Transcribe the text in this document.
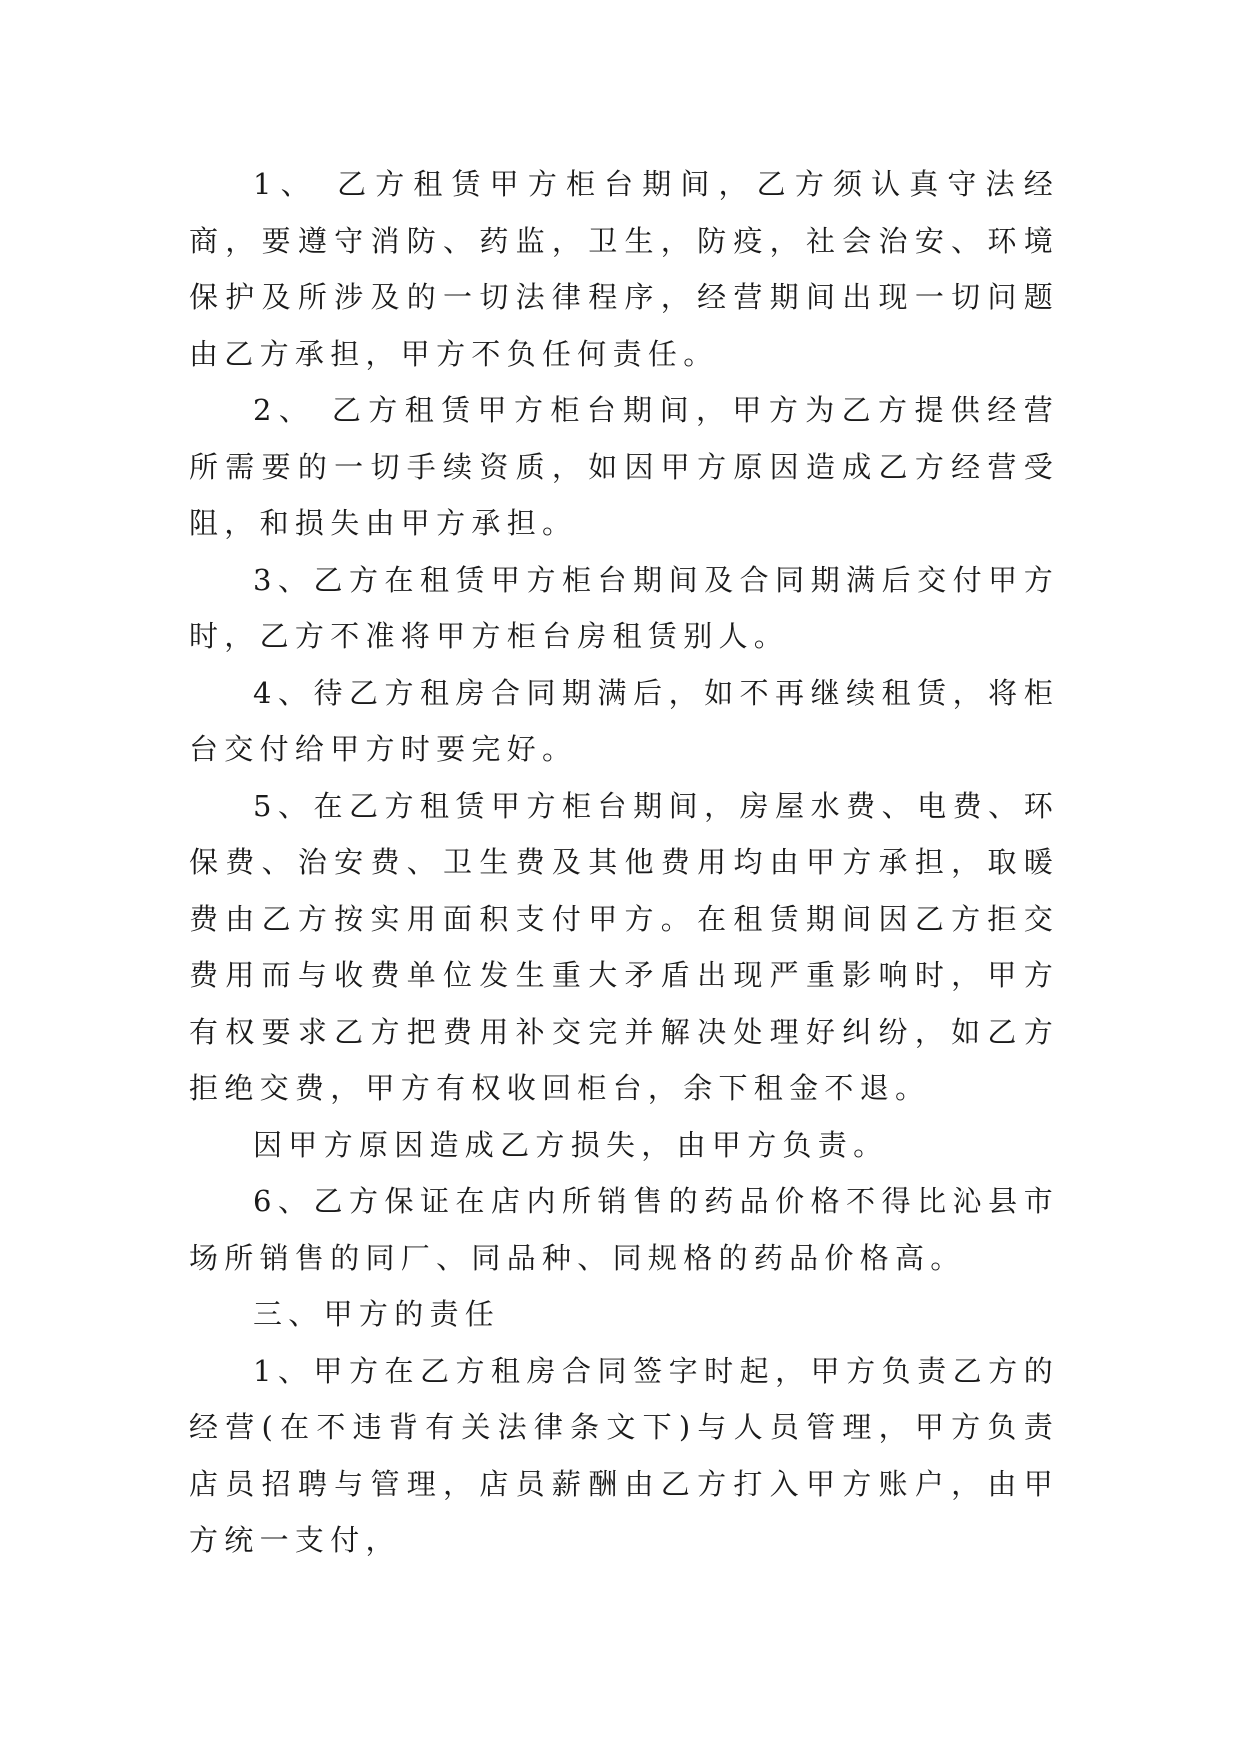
1、 乙方租赁甲方柜台期间，乙方须认真守法经商，要遵守消防、药监，卫生，防疫，社会治安、环境保护及所涉及的一切法律程序，经营期间出现一切问题由乙方承担，甲方不负任何责任。

2、 乙方租赁甲方柜台期间，甲方为乙方提供经营所需要的一切手续资质，如因甲方原因造成乙方经营受阻，和损失由甲方承担。

3、乙方在租赁甲方柜台期间及合同期满后交付甲方时，乙方不准将甲方柜台房租赁别人。

4、待乙方租房合同期满后，如不再继续租赁，将柜台交付给甲方时要完好。

5、在乙方租赁甲方柜台期间，房屋水费、电费、环保费、治安费、卫生费及其他费用均由甲方承担，取暖费由乙方按实用面积支付甲方。在租赁期间因乙方拒交费用而与收费单位发生重大矛盾出现严重影响时，甲方有权要求乙方把费用补交完并解决处理好纠纷，如乙方拒绝交费，甲方有权收回柜台，余下租金不退。

因甲方原因造成乙方损失，由甲方负责。

6、乙方保证在店内所销售的药品价格不得比沁县市场所销售的同厂、同品种、同规格的药品价格高。

三、甲方的责任

1、甲方在乙方租房合同签字时起，甲方负责乙方的经营(在不违背有关法律条文下)与人员管理，甲方负责店员招聘与管理，店员薪酬由乙方打入甲方账户，由甲方统一支付，
